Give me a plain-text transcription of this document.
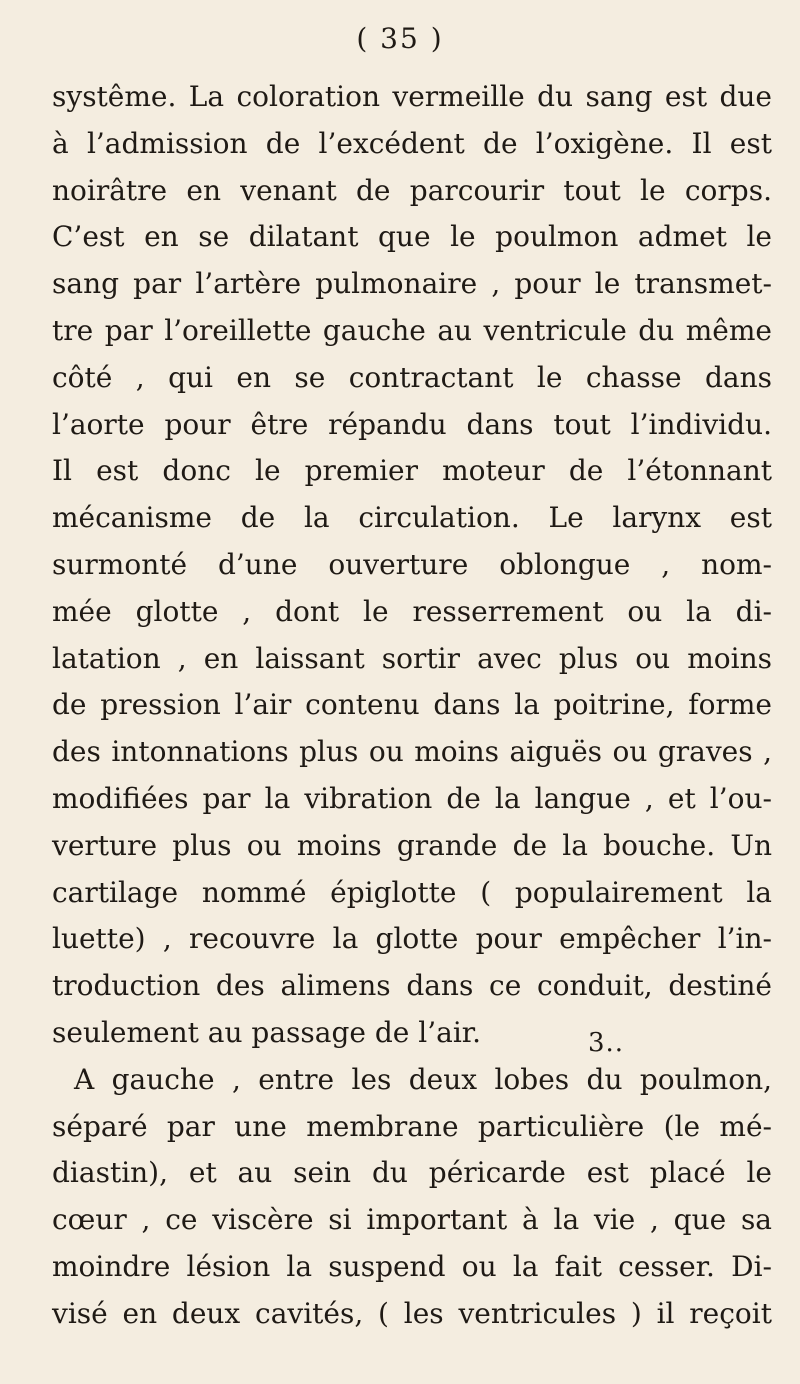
( 35 )
systême. La coloration vermeille du sang est due
à l’admission de l’excédent de l’oxigène. Il est
noirâtre en venant de parcourir tout le corps.
C’est en se dilatant que le poulmon admet le
sang par l’artère pulmonaire , pour le transmet-
tre par l’oreillette gauche au ventricule du même
côté , qui en se contractant le chasse dans
l’aorte pour être répandu dans tout l’individu.
Il est donc le premier moteur de l’étonnant
mécanisme de la circulation. Le larynx est
surmonté d’une ouverture oblongue , nom-
mée glotte , dont le resserrement ou la di-
latation , en laissant sortir avec plus ou moins
de pression l’air contenu dans la poitrine, forme
des intonnations plus ou moins aiguës ou graves ,
modifiées par la vibration de la langue , et l’ou-
verture plus ou moins grande de la bouche. Un
cartilage nommé épiglotte ( populairement la
luette) , recouvre la glotte pour empêcher l’in-
troduction des alimens dans ce conduit, destiné
seulement au passage de l’air.
A gauche , entre les deux lobes du poulmon,
séparé par une membrane particulière (le mé-
diastin), et au sein du péricarde est placé le
cœur , ce viscère si important à la vie , que sa
moindre lésion la suspend ou la fait cesser. Di-
visé en deux cavités, ( les ventricules ) il reçoit
3..
